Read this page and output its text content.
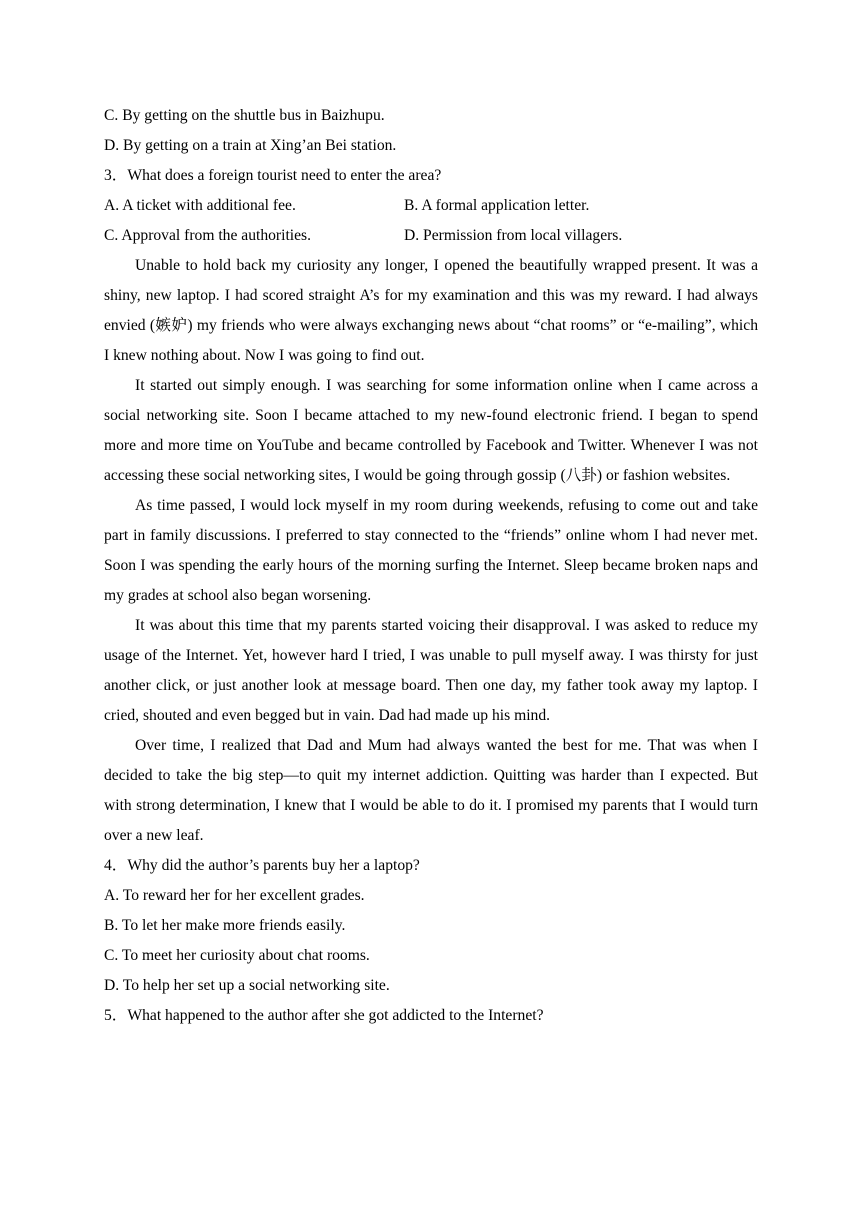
C. By getting on the shuttle bus in Baizhupu.
D. By getting on a train at Xing’an Bei station.
3．What does a foreign tourist need to enter the area?
A. A ticket with additional fee.	B. A formal application letter.
C. Approval from the authorities.	D. Permission from local villagers.

Unable to hold back my curiosity any longer, I opened the beautifully wrapped present. It was a shiny, new laptop. I had scored straight A’s for my examination and this was my reward. I had always envied (嫉妒) my friends who were always exchanging news about “chat rooms” or “e-mailing”, which I knew nothing about. Now I was going to find out.

It started out simply enough. I was searching for some information online when I came across a social networking site. Soon I became attached to my new-found electronic friend. I began to spend more and more time on YouTube and became controlled by Facebook and Twitter. Whenever I was not accessing these social networking sites, I would be going through gossip (八卦) or fashion websites.

As time passed, I would lock myself in my room during weekends, refusing to come out and take part in family discussions. I preferred to stay connected to the “friends” online whom I had never met. Soon I was spending the early hours of the morning surfing the Internet. Sleep became broken naps and my grades at school also began worsening.

It was about this time that my parents started voicing their disapproval. I was asked to reduce my usage of the Internet. Yet, however hard I tried, I was unable to pull myself away. I was thirsty for just another click, or just another look at message board. Then one day, my father took away my laptop. I cried, shouted and even begged but in vain. Dad had made up his mind.

Over time, I realized that Dad and Mum had always wanted the best for me. That was when I decided to take the big step—to quit my internet addiction. Quitting was harder than I expected. But with strong determination, I knew that I would be able to do it. I promised my parents that I would turn over a new leaf.

4．Why did the author’s parents buy her a laptop?
A. To reward her for her excellent grades.
B. To let her make more friends easily.
C. To meet her curiosity about chat rooms.
D. To help her set up a social networking site.
5．What happened to the author after she got addicted to the Internet?
